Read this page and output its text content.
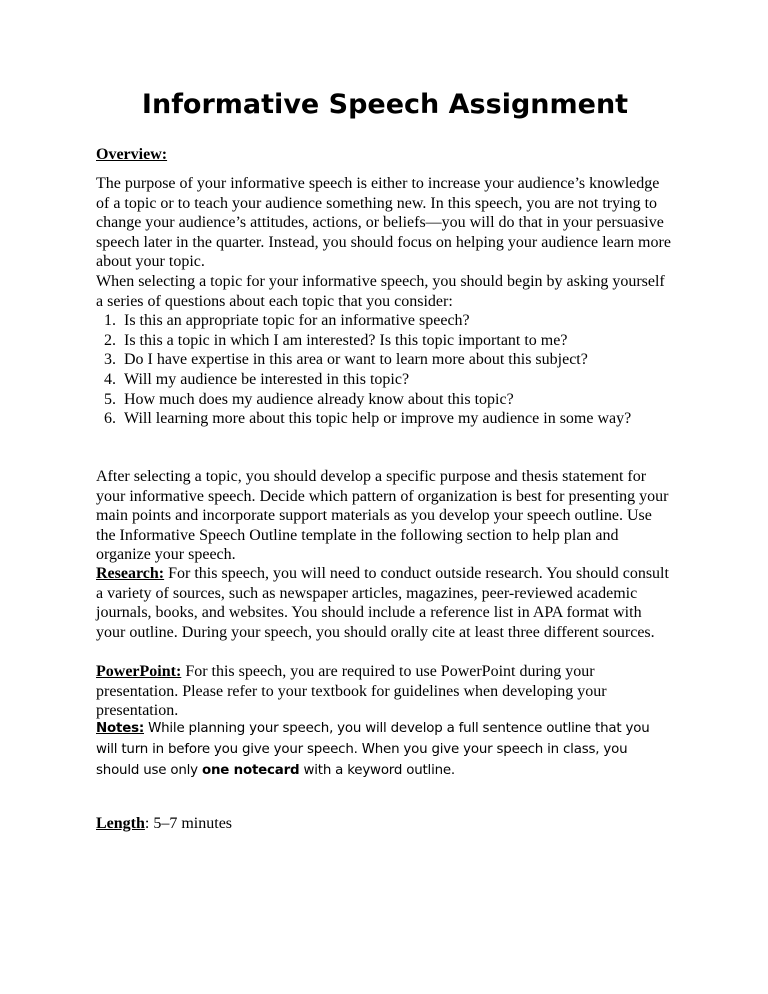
Informative Speech Assignment

Overview:

The purpose of your informative speech is either to increase your audience’s knowledge of a topic or to teach your audience something new. In this speech, you are not trying to change your audience’s attitudes, actions, or beliefs—you will do that in your persuasive speech later in the quarter. Instead, you should focus on helping your audience learn more about your topic.

When selecting a topic for your informative speech, you should begin by asking yourself a series of questions about each topic that you consider:

1. Is this an appropriate topic for an informative speech?
2. Is this a topic in which I am interested? Is this topic important to me?
3. Do I have expertise in this area or want to learn more about this subject?
4. Will my audience be interested in this topic?
5. How much does my audience already know about this topic?
6. Will learning more about this topic help or improve my audience in some way?

After selecting a topic, you should develop a specific purpose and thesis statement for your informative speech. Decide which pattern of organization is best for presenting your main points and incorporate support materials as you develop your speech outline. Use the Informative Speech Outline template in the following section to help plan and organize your speech.

Research: For this speech, you will need to conduct outside research. You should consult a variety of sources, such as newspaper articles, magazines, peer-reviewed academic journals, books, and websites. You should include a reference list in APA format with your outline. During your speech, you should orally cite at least three different sources.

PowerPoint: For this speech, you are required to use PowerPoint during your presentation. Please refer to your textbook for guidelines when developing your presentation.

Notes: While planning your speech, you will develop a full sentence outline that you will turn in before you give your speech. When you give your speech in class, you should use only one notecard with a keyword outline.

Length: 5–7 minutes
